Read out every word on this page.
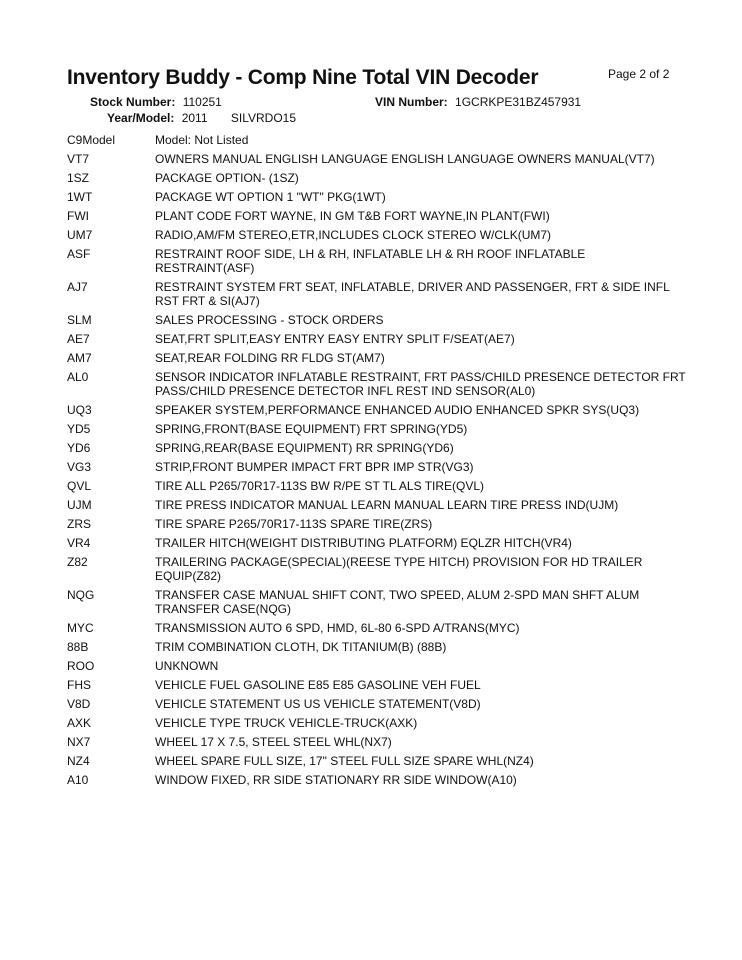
Inventory Buddy - Comp Nine Total VIN Decoder	Page 2 of 2
Stock Number: 110251	VIN Number: 1GCRKPE31BZ457931
Year/Model: 2011 SILVRDO15
C9Model	Model: Not Listed
VT7	OWNERS MANUAL ENGLISH LANGUAGE ENGLISH LANGUAGE OWNERS MANUAL(VT7)
1SZ	PACKAGE OPTION- (1SZ)
1WT	PACKAGE WT OPTION 1 "WT" PKG(1WT)
FWI	PLANT CODE FORT WAYNE, IN GM T&B FORT WAYNE,IN PLANT(FWI)
UM7	RADIO,AM/FM STEREO,ETR,INCLUDES CLOCK STEREO W/CLK(UM7)
ASF	RESTRAINT ROOF SIDE, LH & RH, INFLATABLE LH & RH ROOF INFLATABLE RESTRAINT(ASF)
AJ7	RESTRAINT SYSTEM FRT SEAT, INFLATABLE, DRIVER AND PASSENGER, FRT & SIDE INFL RST FRT & SI(AJ7)
SLM	SALES PROCESSING - STOCK ORDERS
AE7	SEAT,FRT SPLIT,EASY ENTRY EASY ENTRY SPLIT F/SEAT(AE7)
AM7	SEAT,REAR FOLDING RR FLDG ST(AM7)
AL0	SENSOR INDICATOR INFLATABLE RESTRAINT, FRT PASS/CHILD PRESENCE DETECTOR FRT PASS/CHILD PRESENCE DETECTOR INFL REST IND SENSOR(AL0)
UQ3	SPEAKER SYSTEM,PERFORMANCE ENHANCED AUDIO ENHANCED SPKR SYS(UQ3)
YD5	SPRING,FRONT(BASE EQUIPMENT) FRT SPRING(YD5)
YD6	SPRING,REAR(BASE EQUIPMENT) RR SPRING(YD6)
VG3	STRIP,FRONT BUMPER IMPACT FRT BPR IMP STR(VG3)
QVL	TIRE ALL P265/70R17-113S BW R/PE ST TL ALS TIRE(QVL)
UJM	TIRE PRESS INDICATOR MANUAL LEARN MANUAL LEARN TIRE PRESS IND(UJM)
ZRS	TIRE SPARE P265/70R17-113S SPARE TIRE(ZRS)
VR4	TRAILER HITCH(WEIGHT DISTRIBUTING PLATFORM) EQLZR HITCH(VR4)
Z82	TRAILERING PACKAGE(SPECIAL)(REESE TYPE HITCH) PROVISION FOR HD TRAILER EQUIP(Z82)
NQG	TRANSFER CASE MANUAL SHIFT CONT, TWO SPEED, ALUM 2-SPD MAN SHFT ALUM TRANSFER CASE(NQG)
MYC	TRANSMISSION AUTO 6 SPD, HMD, 6L-80 6-SPD A/TRANS(MYC)
88B	TRIM COMBINATION CLOTH, DK TITANIUM(B) (88B)
ROO	UNKNOWN
FHS	VEHICLE FUEL GASOLINE E85 E85 GASOLINE VEH FUEL
V8D	VEHICLE STATEMENT US US VEHICLE STATEMENT(V8D)
AXK	VEHICLE TYPE TRUCK VEHICLE-TRUCK(AXK)
NX7	WHEEL 17 X 7.5, STEEL STEEL WHL(NX7)
NZ4	WHEEL SPARE FULL SIZE, 17" STEEL FULL SIZE SPARE WHL(NZ4)
A10	WINDOW FIXED, RR SIDE STATIONARY RR SIDE WINDOW(A10)
